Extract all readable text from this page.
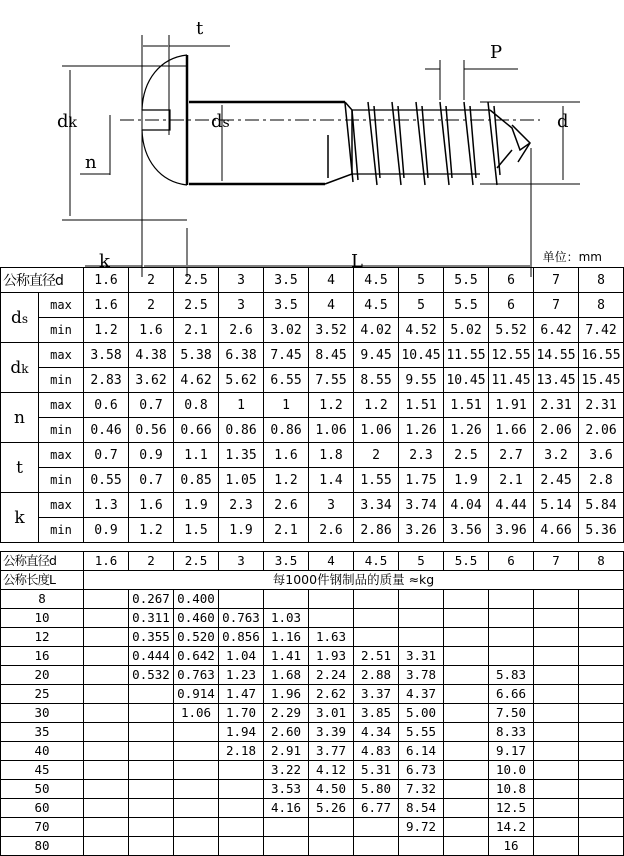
t
P
dk
n
ds	d
k	L	单位：mm
公称直径d		1.6	2	2.5	3	3.5	4	4.5	5	5.5	6	7	8
ds	max	1.6	2	2.5	3	3.5	4	4.5	5	5.5	6	7	8
	min	1.2	1.6	2.1	2.6	3.02	3.52	4.02	4.52	5.02	5.52	6.42	7.42
dk	max	3.58	4.38	5.38	6.38	7.45	8.45	9.45	10.45	11.55	12.55	14.55	16.55
	min	2.83	3.62	4.62	5.62	6.55	7.55	8.55	9.55	10.45	11.45	13.45	15.45
n	max	0.6	0.7	0.8	1	1	1.2	1.2	1.51	1.51	1.91	2.31	2.31
	min	0.46	0.56	0.66	0.86	0.86	1.06	1.06	1.26	1.26	1.66	2.06	2.06
t	max	0.7	0.9	1.1	1.35	1.6	1.8	2	2.3	2.5	2.7	3.2	3.6
	min	0.55	0.7	0.85	1.05	1.2	1.4	1.55	1.75	1.9	2.1	2.45	2.8
k	max	1.3	1.6	1.9	2.3	2.6	3	3.34	3.74	4.04	4.44	5.14	5.84
	min	0.9	1.2	1.5	1.9	2.1	2.6	2.86	3.26	3.56	3.96	4.66	5.36
公称直径d	1.6	2	2.5	3	3.5	4	4.5	5	5.5	6	7	8
公称长度L	每1000件钢制品的质量 ≈kg											
8		0.267	0.400									
10		0.311	0.460	0.763	1.03							
12		0.355	0.520	0.856	1.16	1.63						
16		0.444	0.642	1.04	1.41	1.93	2.51	3.31				
20		0.532	0.763	1.23	1.68	2.24	2.88	3.78		5.83		
25			0.914	1.47	1.96	2.62	3.37	4.37		6.66		
30			1.06	1.70	2.29	3.01	3.85	5.00		7.50		
35				1.94	2.60	3.39	4.34	5.55		8.33		
40				2.18	2.91	3.77	4.83	6.14		9.17		
45					3.22	4.12	5.31	6.73		10.0		
50					3.53	4.50	5.80	7.32		10.8		
60					4.16	5.26	6.77	8.54		12.5		
70								9.72		14.2		
80										16		
